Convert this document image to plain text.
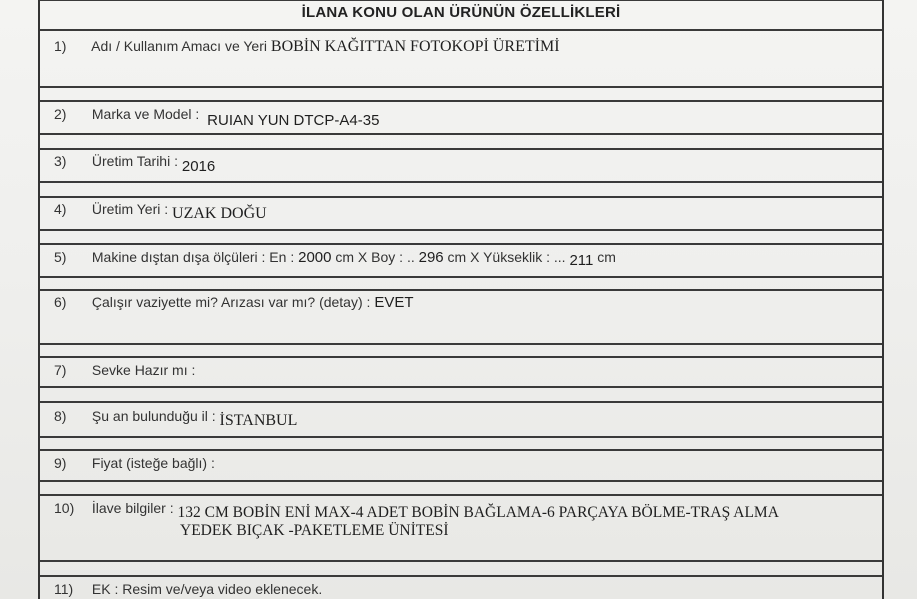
İLANA KONU OLAN ÜRÜNÜN ÖZELLİKLERİ
1) Adı / Kullanım Amacı ve Yeri BOBİN KAĞITTAN FOTOKOPİ ÜRETİMİ
2) Marka ve Model : RUIAN YUN DTCP-A4-35
3) Üretim Tarihi : 2016
4) Üretim Yeri : UZAK DOĞU
5) Makine dıştan dışa ölçüleri : En : 2000 cm X Boy : .. 296 cm X Yükseklik : ... 211 cm
6) Çalışır vaziyette mi? Arızası var mı? (detay) : EVET

7) Sevke Hazır mı :
8) Şu an bulunduğu il : İSTANBUL
9) Fiyat (isteğe bağlı) :
10) İlave bilgiler : 132 CM BOBİN ENİ MAX-4 ADET BOBİN BAĞLAMA-6 PARÇAYA BÖLME-TRAŞ ALMA
YEDEK BIÇAK -PAKETLEME ÜNİTESİ
11) EK : Resim ve/veya video eklenecek.
